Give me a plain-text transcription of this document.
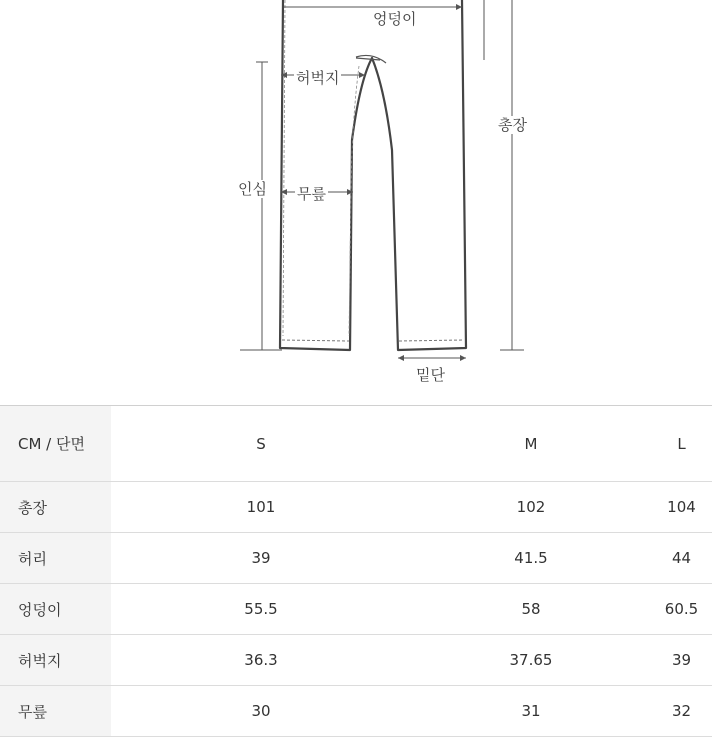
엉덩이
허벅지
총장
인심 무릎
밑단
CM / 단면	S	M	L
총장	101	102	104
허리	39	41.5	44
엉덩이	55.5	58	60.5
허벅지	36.3	37.65	39
무릎	30	31	32
